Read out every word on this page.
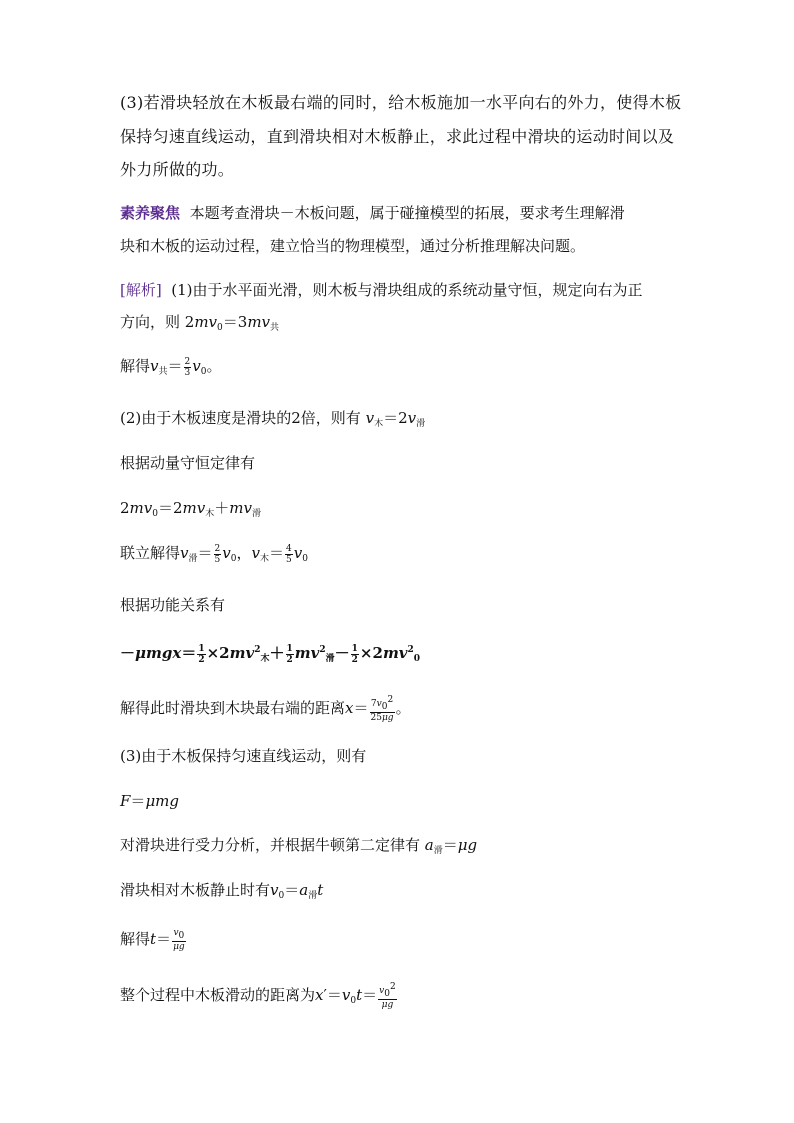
(3)若滑块轻放在木板最右端的同时，给木板施加一水平向右的外力，使得木板
保持匀速直线运动，直到滑块相对木板静止，求此过程中滑块的运动时间以及
外力所做的功。
素养聚焦 本题考查滑块－木板问题，属于碰撞模型的拓展，要求考生理解滑
块和木板的运动过程，建立恰当的物理模型，通过分析推理解决问题。
[解析] (1)由于水平面光滑，则木板与滑块组成的系统动量守恒，规定向右为正
方向，则 $2mv_0=3mv_共$
解得$v_共= \frac{2}{3} v_0$。
(2)由于木板速度是滑块的2倍，则有 $v_木=2v_滑$
根据动量守恒定律有
$2mv_0=2mv_木+mv_滑$
联立解得$v_滑= \frac{2}{5} v_0$，$v_木= \frac{4}{5} v_0$
根据功能关系有
$-\mu mgx= \frac{1}{2} \times 2mv^2_木+ \frac{1}{2} mv^2_滑- \frac{1}{2} \times 2mv^2_0$
解得此时滑块到木块最右端的距离$x= \frac{7v_0^2}{25\mu g}$ 。
(3)由于木板保持匀速直线运动，则有
F＝μmg
对滑块进行受力分析，并根据牛顿第二定律有 $a_滑=\mu g$
滑块相对木板静止时有$v_0=a_滑t$
解得$t= \frac{v_0}{\mu g}$
整个过程中木板滑动的距离为$x'=v_0t= \frac{v_0^2}{\mu g}$
